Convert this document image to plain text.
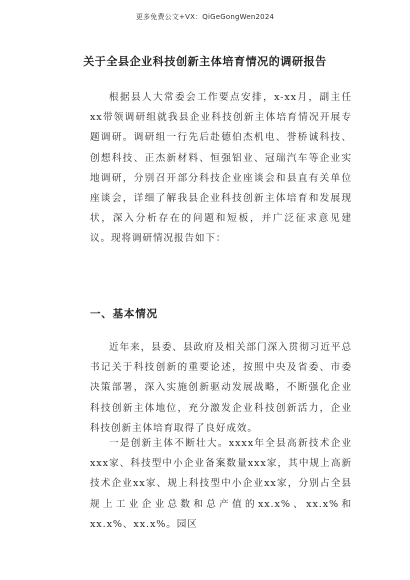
更多免费公文+VX：QiGeGongWen2024
关于全县企业科技创新主体培育情况的调研报告

根据县人大常委会工作要点安排，x-xx月，副主任xx带领调研组就我县企业科技创新主体培育情况开展专题调研。调研组一行先后赴德伯杰机电、誉桥诚科技、创想科技、正杰新材料、恒强铝业、冠瑞汽车等企业实地调研，分别召开部分科技企业座谈会和县直有关单位座谈会，详细了解我县企业科技创新主体培育和发展现状，深入分析存在的问题和短板，并广泛征求意见建议。现将调研情况报告如下：

一、基本情况

近年来，县委、县政府及相关部门深入贯彻习近平总书记关于科技创新的重要论述，按照中央及省委、市委决策部署，深入实施创新驱动发展战略，不断强化企业科技创新主体地位，充分激发企业科技创新活力，企业科技创新主体培育取得了良好成效。

一是创新主体不断壮大。xxxx年全县高新技术企业xxx家、科技型中小企业备案数量xxx家，其中规上高新技术企业xx家、规上科技型中小企业xx家，分别占全县规上工业企业总数和总产值的xx.x%、xx.x%和xx.x%、xx.x%。园区
